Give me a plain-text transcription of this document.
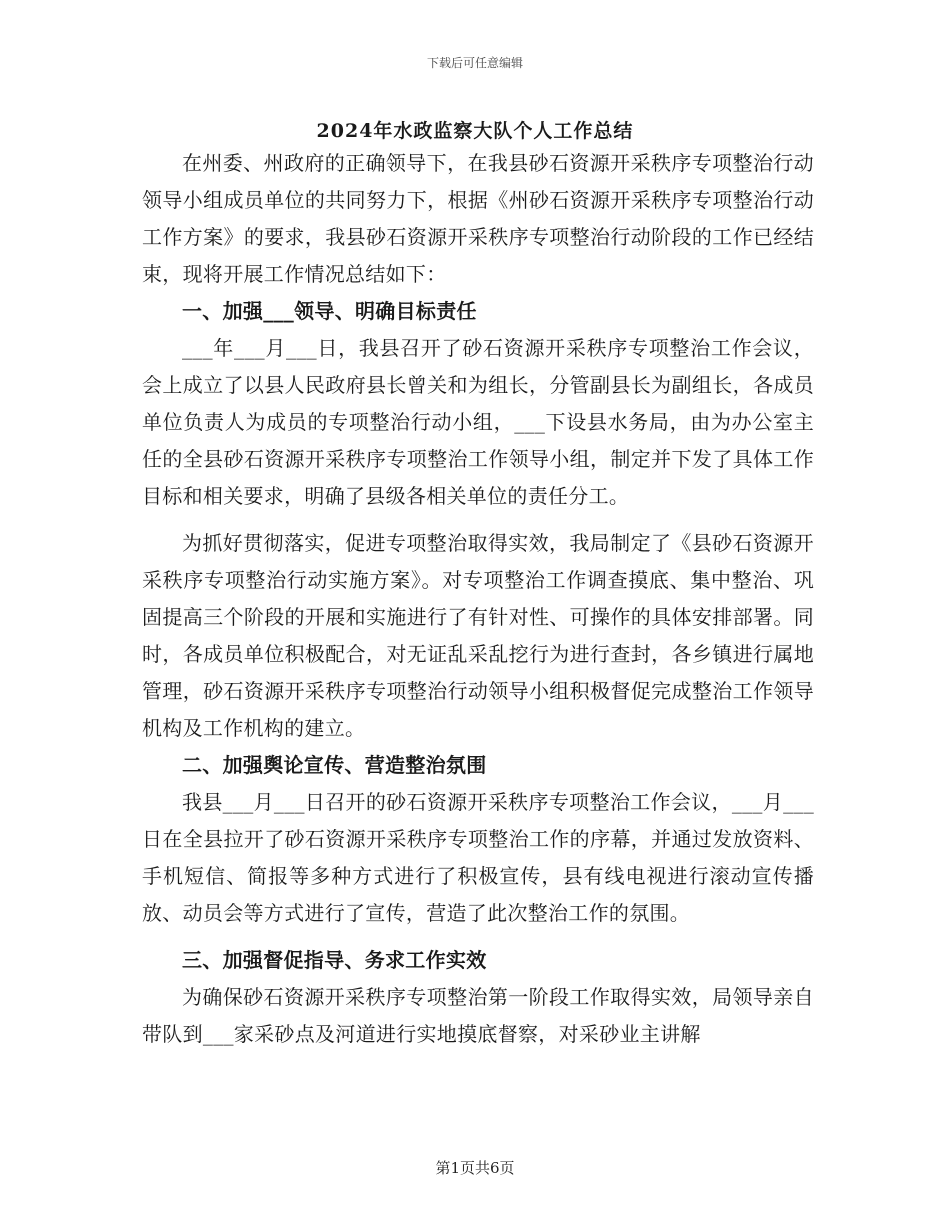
下载后可任意编辑
2024年水政监察大队个人工作总结

在州委、州政府的正确领导下，在我县砂石资源开采秩序专项整治行动领导小组成员单位的共同努力下，根据《州砂石资源开采秩序专项整治行动工作方案》的要求，我县砂石资源开采秩序专项整治行动阶段的工作已经结束，现将开展工作情况总结如下：

一、加强___领导、明确目标责任

___年___月___日，我县召开了砂石资源开采秩序专项整治工作会议，会上成立了以县人民政府县长曾关和为组长，分管副县长为副组长，各成员单位负责人为成员的专项整治行动小组，___下设县水务局，由为办公室主任的全县砂石资源开采秩序专项整治工作领导小组，制定并下发了具体工作目标和相关要求，明确了县级各相关单位的责任分工。

为抓好贯彻落实，促进专项整治取得实效，我局制定了《县砂石资源开采秩序专项整治行动实施方案》。对专项整治工作调查摸底、集中整治、巩固提高三个阶段的开展和实施进行了有针对性、可操作的具体安排部署。同时，各成员单位积极配合，对无证乱采乱挖行为进行查封，各乡镇进行属地管理，砂石资源开采秩序专项整治行动领导小组积极督促完成整治工作领导机构及工作机构的建立。

二、加强舆论宣传、营造整治氛围

我县___月___日召开的砂石资源开采秩序专项整治工作会议，___月___日在全县拉开了砂石资源开采秩序专项整治工作的序幕，并通过发放资料、手机短信、简报等多种方式进行了积极宣传，县有线电视进行滚动宣传播放、动员会等方式进行了宣传，营造了此次整治工作的氛围。

三、加强督促指导、务求工作实效

为确保砂石资源开采秩序专项整治第一阶段工作取得实效，局领导亲自带队到___家采砂点及河道进行实地摸底督察，对采砂业主讲解

第1页共6页
